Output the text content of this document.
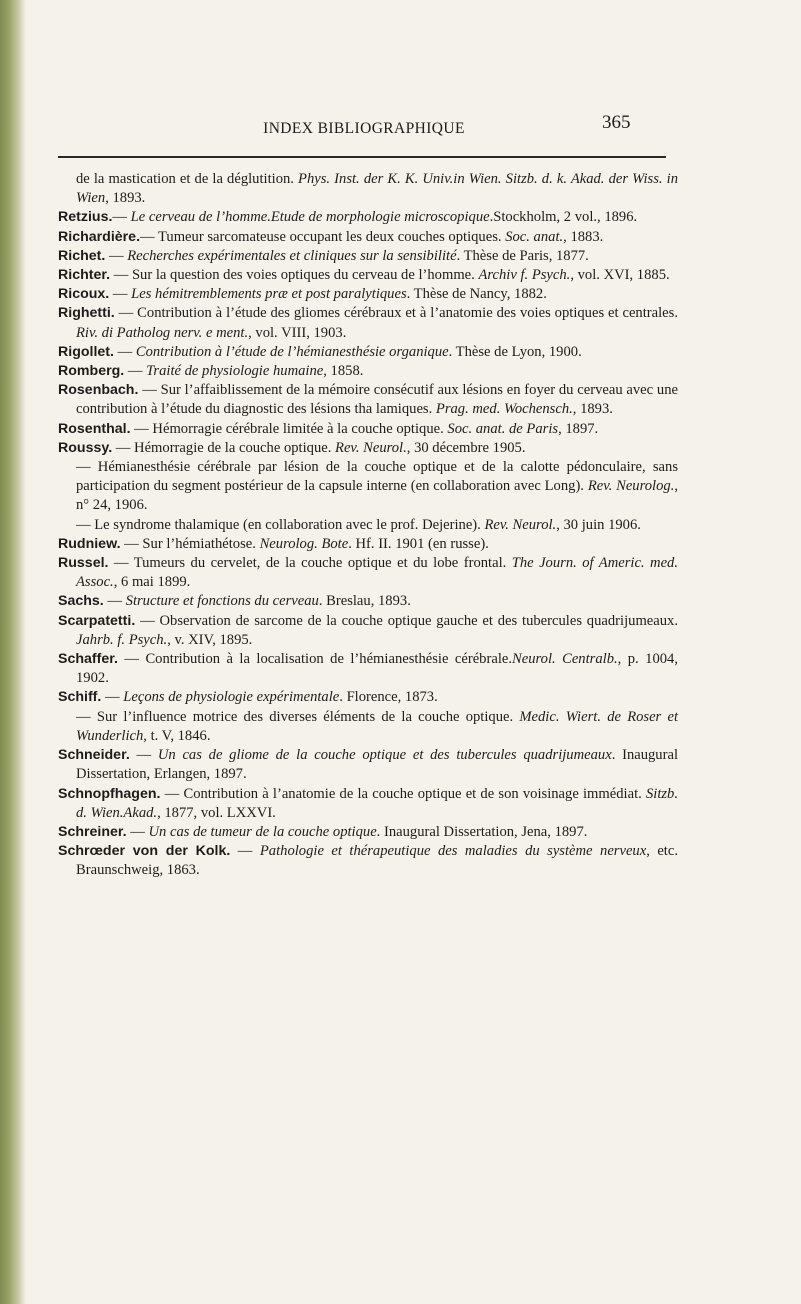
INDEX BIBLIOGRAPHIQUE	365

de la mastication et de la déglutition. Phys. Inst. der K. K. Univ.in Wien. Sitzb. d. k. Akad. der Wiss. in Wien, 1893.

Retzius.— Le cerveau de l’homme.Etude de morphologie microscopique.Stockholm, 2 vol., 1896.

Richardière.— Tumeur sarcomateuse occupant les deux couches optiques. Soc. anat., 1883.

Richet. — Recherches expérimentales et cliniques sur la sensibilité. Thèse de Paris, 1877.

Richter. — Sur la question des voies optiques du cerveau de l’homme. Archiv f. Psych., vol. XVI, 1885.

Ricoux. — Les hémitremblements præ et post paralytiques. Thèse de Nancy, 1882.

Righetti. — Contribution à l’étude des gliomes cérébraux et à l’anatomie des voies optiques et centrales. Riv. di Patholog nerv. e ment., vol. VIII, 1903.

Rigollet. — Contribution à l’étude de l’hémianesthésie organique. Thèse de Lyon, 1900.

Romberg. — Traité de physiologie humaine, 1858.

Rosenbach. — Sur l’affaiblissement de la mémoire consécutif aux lésions en foyer du cerveau avec une contribution à l’étude du diagnostic des lésions tha lamiques. Prag. med. Wochensch., 1893.

Rosenthal. — Hémorragie cérébrale limitée à la couche optique. Soc. anat. de Paris, 1897.

Roussy. — Hémorragie de la couche optique. Rev. Neurol., 30 décembre 1905.

— Hémianesthésie cérébrale par lésion de la couche optique et de la calotte pédonculaire, sans participation du segment postérieur de la capsule interne (en collaboration avec Long). Rev. Neurolog., n° 24, 1906.

— Le syndrome thalamique (en collaboration avec le prof. Dejerine). Rev. Neurol., 30 juin 1906.

Rudniew. — Sur l’hémiathétose. Neurolog. Bote. Hf. II. 1901 (en russe).

Russel. — Tumeurs du cervelet, de la couche optique et du lobe frontal. The Journ. of Americ. med. Assoc., 6 mai 1899.

Sachs. — Structure et fonctions du cerveau. Breslau, 1893.

Scarpatetti. — Observation de sarcome de la couche optique gauche et des tubercules quadrijumeaux. Jahrb. f. Psych., v. XIV, 1895.

Schaffer. — Contribution à la localisation de l’hémianesthésie cérébrale.Neurol. Centralb., p. 1004, 1902.

Schiff. — Leçons de physiologie expérimentale. Florence, 1873.

— Sur l’influence motrice des diverses éléments de la couche optique. Medic. Wiert. de Roser et Wunderlich, t. V, 1846.

Schneider. — Un cas de gliome de la couche optique et des tubercules quadrijumeaux. Inaugural Dissertation, Erlangen, 1897.

Schnopfhagen. — Contribution à l’anatomie de la couche optique et de son voisinage immédiat. Sitzb. d. Wien.Akad., 1877, vol. LXXVI.

Schreiner. — Un cas de tumeur de la couche optique. Inaugural Dissertation, Jena, 1897.

Schrœder von der Kolk. — Pathologie et thérapeutique des maladies du système nerveux, etc. Braunschweig, 1863.
